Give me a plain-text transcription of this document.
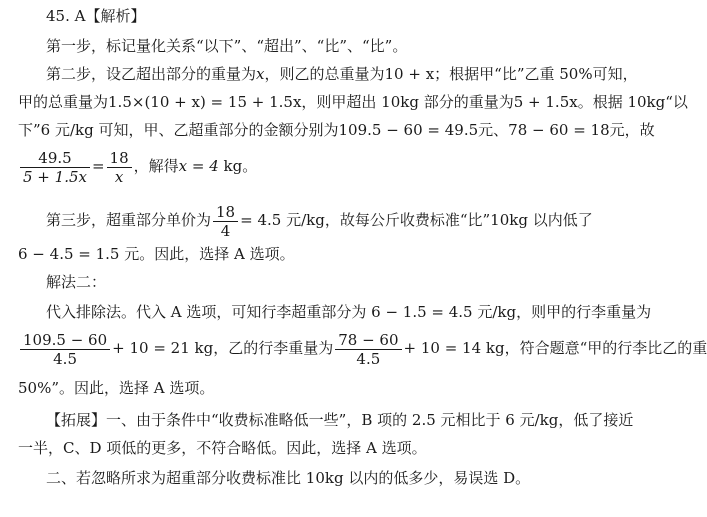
45. A【解析】
第一步，标记量化关系“以下”、“超出”、“比”、“比”。
第二步，设乙超出部分的重量为x，则乙的总重量为10 + x；根据甲“比”乙重 50%可知，
甲的总重量为1.5×(10 + x) = 15 + 1.5x，则甲超出 10kg 部分的重量为5 + 1.5x。根据 10kg“以
下”6 元/kg 可知，甲、乙超重部分的金额分别为109.5 − 60 = 49.5元、78 − 60 = 18元，故
$\frac{49.5}{5 + 1.5x} = \frac{18}{x}$ ，解得x = 4 kg。
第三步，超重部分单价为 $\frac{18}{4} = 4.5$ 元/kg，故每公斤收费标准“比”10kg 以内低了
6 − 4.5 = 1.5 元。因此，选择 A 选项。
解法二：
代入排除法。代入 A 选项，可知行李超重部分为 6 − 1.5 = 4.5 元/kg，则甲的行李重量为
$\frac{109.5 - 60}{4.5} + 10 = 21$ kg，乙的行李重量为 $\frac{78 - 60}{4.5} + 10 = 14$ kg，符合题意“甲的行李比乙的重
50%”。因此，选择 A 选项。
【拓展】一、由于条件中“收费标准略低一些”，B 项的 2.5 元相比于 6 元/kg，低了接近
一半，C、D 项低的更多，不符合略低。因此，选择 A 选项。
二、若忽略所求为超重部分收费标准比 10kg 以内的低多少，易误选 D。
